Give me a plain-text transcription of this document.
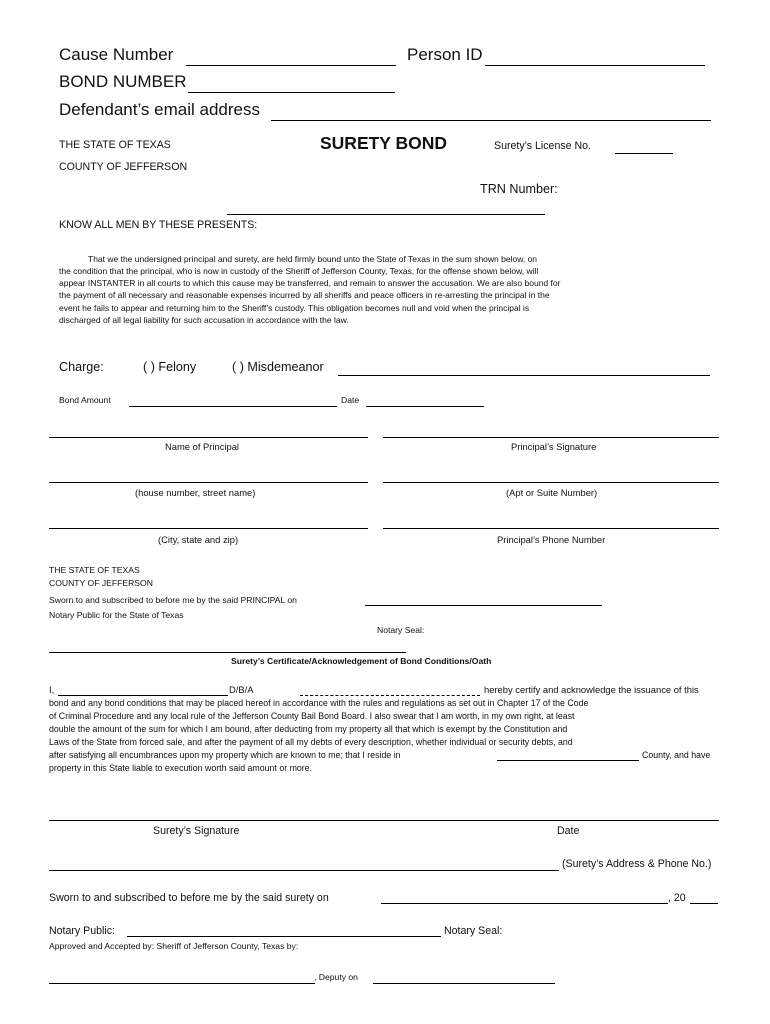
Cause Number	Person ID
BOND NUMBER
Defendant’s email address
THE STATE OF TEXAS
COUNTY OF JEFFERSON
SURETY BOND	Surety’s License No.
TRN Number:
KNOW ALL MEN BY THESE PRESENTS:
That we the undersigned principal and surety, are held firmly bound unto the State of Texas in the sum shown below, on
the condition that the principal, who is now in custody of the Sheriff of Jefferson County, Texas, for the offense shown below, will
appear INSTANTER in all courts to which this cause may be transferred, and remain to answer the accusation. We are also bound for
the payment of all necessary and reasonable expenses incurred by all sheriffs and peace officers in re-arresting the principal in the
event he fails to appear and returning him to the Sheriff’s custody. This obligation becomes null and void when the principal is
discharged of all legal liability for such accusation in accordance with the law.
Charge:	( ) Felony	( ) Misdemeanor
Bond Amount	Date
Name of Principal	Principal’s Signature
(house number, street name)	(Apt or Suite Number)
(City, state and zip)	Principal’s Phone Number
THE STATE OF TEXAS
COUNTY OF JEFFERSON
Sworn to and subscribed to before me by the said PRINCIPAL on
Notary Public for the State of Texas
Notary Seal:
Surety’s Certificate/Acknowledgement of Bond Conditions/Oath
I,	D/B/A	hereby certify and acknowledge the issuance of this
bond and any bond conditions that may be placed hereof in accordance with the rules and regulations as set out in Chapter 17 of the Code
of Criminal Procedure and any local rule of the Jefferson County Bail Bond Board. I also swear that I am worth, in my own right, at least
double the amount of the sum for which I am bound, after deducting from my property all that which is exempt by the Constitution and
Laws of the State from forced sale, and after the payment of all my debts of every description, whether individual or security debts, and
after satisfying all encumbrances upon my property which are known to me; that I reside in	County, and have
property in this State liable to execution worth said amount or more.
Surety’s Signature	Date
(Surety’s Address & Phone No.)
Sworn to and subscribed to before me by the said surety on	, 20
Notary Public:	Notary Seal:
Approved and Accepted by: Sheriff of Jefferson County, Texas by:
, Deputy on
